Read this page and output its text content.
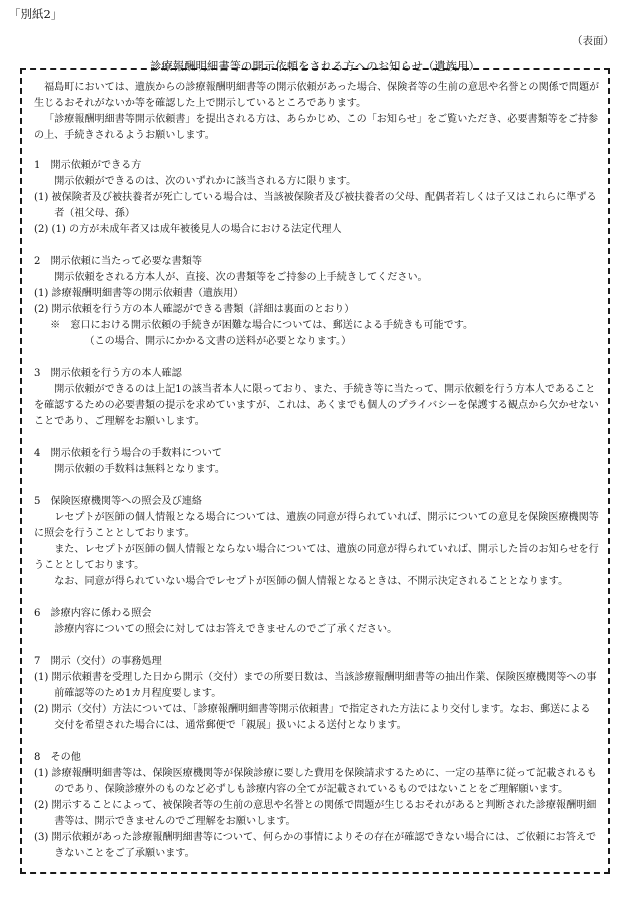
「別紙2」
（表面）
診療報酬明細書等の開示依頼をされる方へのお知らせ（遺族用）

福島町においては、遺族からの診療報酬明細書等の開示依頼があった場合、保険者等の生前の意思や名誉との関係で問題が生じるおそれがないか等を確認した上で開示しているところであります。

「診療報酬明細書等開示依頼書」を提出される方は、あらかじめ、この「お知らせ」をご覧いただき、必要書類等をご持参の上、手続きされるようお願いします。

1　開示依頼ができる方

開示依頼ができるのは、次のいずれかに該当される方に限ります。

(1) 被保険者及び被扶養者が死亡している場合は、当該被保険者及び被扶養者の父母、配偶者若しくは子又はこれらに準ずる者（祖父母、孫）

(2) (1) の方が未成年者又は成年被後見人の場合における法定代理人

2　開示依頼に当たって必要な書類等

開示依頼をされる方本人が、直接、次の書類等をご持参の上手続きしてください。

(1) 診療報酬明細書等の開示依頼書（遺族用）

(2) 開示依頼を行う方の本人確認ができる書類（詳細は裏面のとおり）

※　窓口における開示依頼の手続きが困難な場合については、郵送による手続きも可能です。

（この場合、開示にかかる文書の送料が必要となります。）

3　開示依頼を行う方の本人確認

開示依頼ができるのは上記1の該当者本人に限っており、また、手続き等に当たって、開示依頼を行う方本人であることを確認するための必要書類の提示を求めていますが、これは、あくまでも個人のプライバシーを保護する観点から欠かせないことであり、ご理解をお願いします。

4　開示依頼を行う場合の手数料について

開示依頼の手数料は無料となります。

5　保険医療機関等への照会及び連絡

レセプトが医師の個人情報となる場合については、遺族の同意が得られていれば、開示についての意見を保険医療機関等に照会を行うこととしております。

また、レセプトが医師の個人情報とならない場合については、遺族の同意が得られていれば、開示した旨のお知らせを行うこととしております。

なお、同意が得られていない場合でレセプトが医師の個人情報となるときは、不開示決定されることとなります。

6　診療内容に係わる照会

診療内容についての照会に対してはお答えできませんのでご了承ください。

7　開示（交付）の事務処理

(1) 開示依頼書を受理した日から開示（交付）までの所要日数は、当該診療報酬明細書等の抽出作業、保険医療機関等への事前確認等のため1カ月程度要します。

(2) 開示（交付）方法については、「診療報酬明細書等開示依頼書」で指定された方法により交付します。なお、郵送による交付を希望された場合には、通常郵便で「親展」扱いによる送付となります。

8　その他

(1) 診療報酬明細書等は、保険医療機関等が保険診療に要した費用を保険請求するために、一定の基準に従って記載されるものであり、保険診療外のものなど必ずしも診療内容の全てが記載されているものではないことをご理解願います。

(2) 開示することによって、被保険者等の生前の意思や名誉との関係で問題が生じるおそれがあると判断された診療報酬明細書等は、開示できませんのでご理解をお願いします。

(3) 開示依頼があった診療報酬明細書等について、何らかの事情によりその存在が確認できない場合には、ご依頼にお答えできないことをご了承願います。
